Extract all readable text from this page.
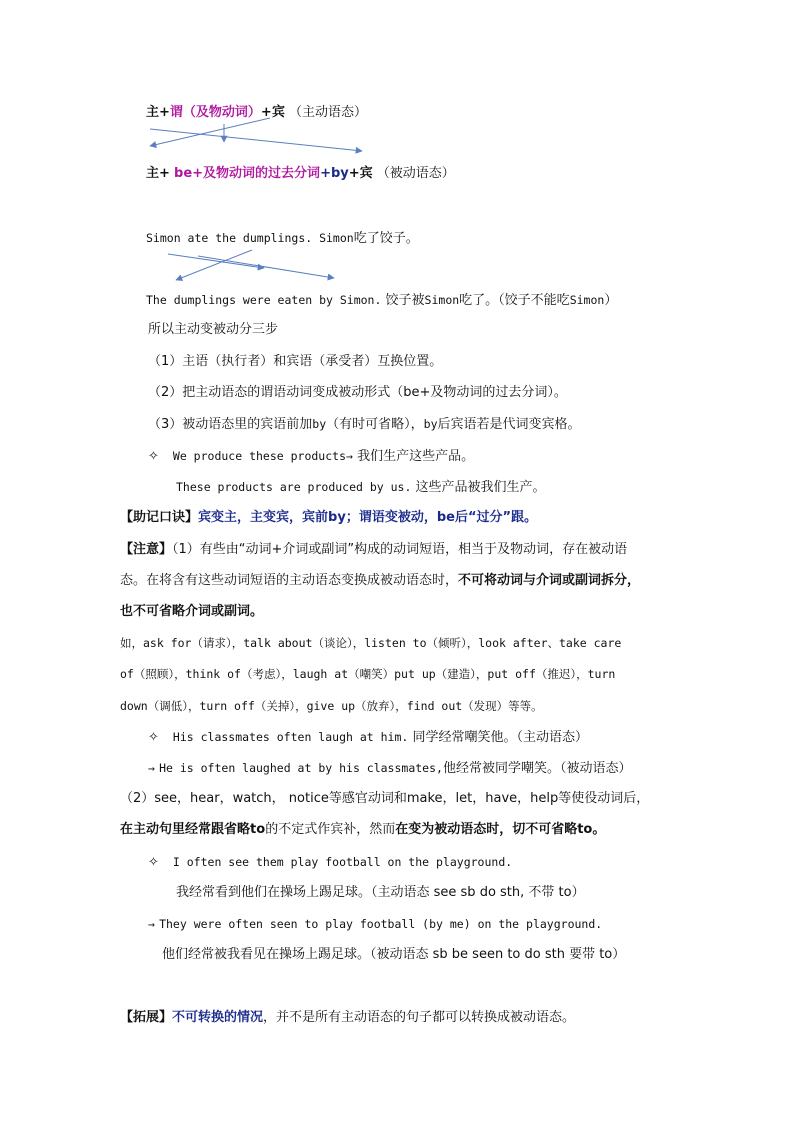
主+谓（及物动词）+宾 （主动语态）
主+ be+及物动词的过去分词+by+宾 （被动语态）
Simon ate the dumplings. Simon吃了饺子。
The dumplings were eaten by Simon. 饺子被Simon吃了。（饺子不能吃Simon）
所以主动变被动分三步
（1）主语（执行者）和宾语（承受者）互换位置。
（2）把主动语态的谓语动词变成被动形式（be+及物动词的过去分词）。
（3）被动语态里的宾语前加by（有时可省略），by后宾语若是代词变宾格。
✧ We produce these products→ 我们生产这些产品。
These products are produced by us. 这些产品被我们生产。
【助记口诀】宾变主，主变宾，宾前by；谓语变被动，be后“过分”跟。
【注意】（1）有些由“动词+介词或副词”构成的动词短语，相当于及物动词，存在被动语
态。在将含有这些动词短语的主动语态变换成被动语态时，不可将动词与介词或副词拆分，
也不可省略介词或副词。
如，ask for（请求），talk about（谈论），listen to（倾听），look after、take care
of（照顾），think of（考虑），laugh at（嘲笑）put up（建造），put off（推迟），turn
down（调低），turn off（关掉），give up（放弃），find out（发现）等等。
✧ His classmates often laugh at him. 同学经常嘲笑他。（主动语态）
→ He is often laughed at by his classmates,他经常被同学嘲笑。（被动语态）
（2）see，hear，watch， notice等感官动词和make，let，have，help等使役动词后，
在主动句里经常跟省略to的不定式作宾补，然而在变为被动语态时，切不可省略to。
✧ I often see them play football on the playground.
我经常看到他们在操场上踢足球。（主动语态 see sb do sth, 不带 to）
→ They were often seen to play football (by me) on the playground.
他们经常被我看见在操场上踢足球。（被动语态 sb be seen to do sth 要带 to）
【拓展】不可转换的情况，并不是所有主动语态的句子都可以转换成被动语态。
